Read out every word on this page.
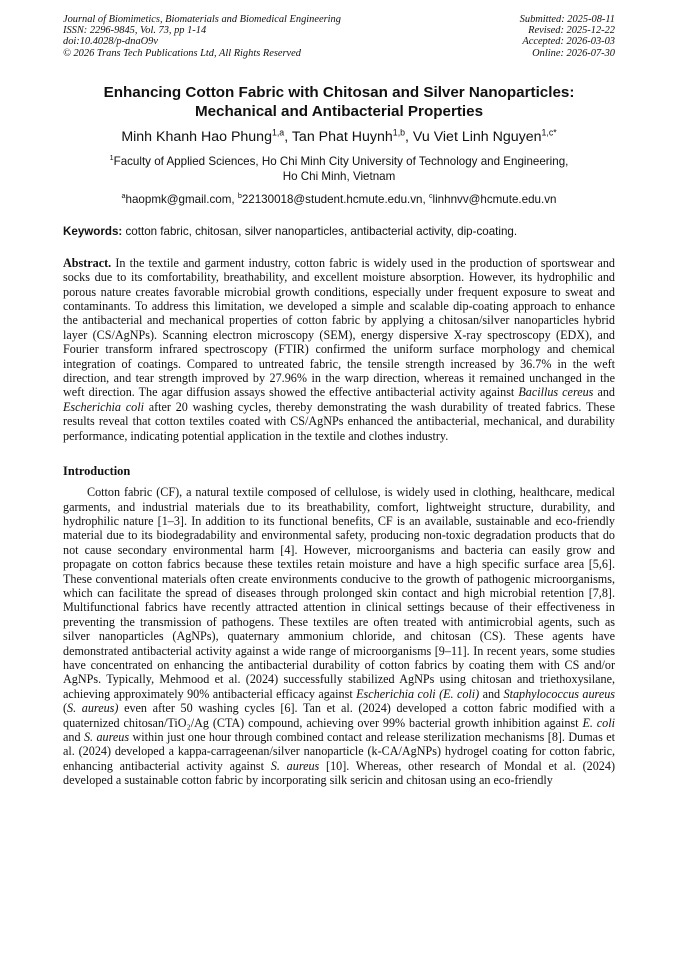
Journal of Biomimetics, Biomaterials and Biomedical Engineering
ISSN: 2296-9845, Vol. 73, pp 1-14
doi:10.4028/p-dnaO9v
© 2026 Trans Tech Publications Ltd, All Rights Reserved
Submitted: 2025-08-11
Revised: 2025-12-22
Accepted: 2026-03-03
Online: 2026-07-30
Enhancing Cotton Fabric with Chitosan and Silver Nanoparticles:
Mechanical and Antibacterial Properties
Minh Khanh Hao Phung$^{1,a}$, Tan Phat Huynh$^{1,b}$, Vu Viet Linh Nguyen$^{1,c*}$
$^1$Faculty of Applied Sciences, Ho Chi Minh City University of Technology and Engineering,
Ho Chi Minh, Vietnam
$^a$haopmk@gmail.com, $^b$22130018@student.hcmute.edu.vn, $^c$linhnvv@hcmute.edu.vn
Keywords: cotton fabric, chitosan, silver nanoparticles, antibacterial activity, dip-coating.
Abstract. In the textile and garment industry, cotton fabric is widely used in the production of sportswear and socks due to its comfortability, breathability, and excellent moisture absorption. However, its hydrophilic and porous nature creates favorable microbial growth conditions, especially under frequent exposure to sweat and contaminants. To address this limitation, we developed a simple and scalable dip-coating approach to enhance the antibacterial and mechanical properties of cotton fabric by applying a chitosan/silver nanoparticles hybrid layer (CS/AgNPs). Scanning electron microscopy (SEM), energy dispersive X-ray spectroscopy (EDX), and Fourier transform infrared spectroscopy (FTIR) confirmed the uniform surface morphology and chemical integration of coatings. Compared to untreated fabric, the tensile strength increased by 36.7% in the weft direction, and tear strength improved by 27.96% in the warp direction, whereas it remained unchanged in the weft direction. The agar diffusion assays showed the effective antibacterial activity against Bacillus cereus and Escherichia coli after 20 washing cycles, thereby demonstrating the wash durability of treated fabrics. These results reveal that cotton textiles coated with CS/AgNPs enhanced the antibacterial, mechanical, and durability performance, indicating potential application in the textile and clothes industry.
Introduction
Cotton fabric (CF), a natural textile composed of cellulose, is widely used in clothing, healthcare, medical garments, and industrial materials due to its breathability, comfort, lightweight structure, durability, and hydrophilic nature [1–3]. In addition to its functional benefits, CF is an available, sustainable and eco-friendly material due to its biodegradability and environmental safety, producing non-toxic degradation products that do not cause secondary environmental harm [4]. However, microorganisms and bacteria can easily grow and propagate on cotton fabrics because these textiles retain moisture and have a high specific surface area [5,6]. These conventional materials often create environments conducive to the growth of pathogenic microorganisms, which can facilitate the spread of diseases through prolonged skin contact and high microbial retention [7,8]. Multifunctional fabrics have recently attracted attention in clinical settings because of their effectiveness in preventing the transmission of pathogens. These textiles are often treated with antimicrobial agents, such as silver nanoparticles (AgNPs), quaternary ammonium chloride, and chitosan (CS). These agents have demonstrated antibacterial activity against a wide range of microorganisms [9–11]. In recent years, some studies have concentrated on enhancing the antibacterial durability of cotton fabrics by coating them with CS and/or AgNPs. Typically, Mehmood et al. (2024) successfully stabilized AgNPs using chitosan and triethoxysilane, achieving approximately 90% antibacterial efficacy against Escherichia coli (E. coli) and Staphylococcus aureus (S. aureus) even after 50 washing cycles [6]. Tan et al. (2024) developed a cotton fabric modified with a quaternized chitosan/TiO₂/Ag (CTA) compound, achieving over 99% bacterial growth inhibition against E. coli and S. aureus within just one hour through combined contact and release sterilization mechanisms [8]. Dumas et al. (2024) developed a kappa-carrageenan/silver nanoparticle (k-CA/AgNPs) hydrogel coating for cotton fabric, enhancing antibacterial activity against S. aureus [10]. Whereas, other research of Mondal et al. (2024) developed a sustainable cotton fabric by incorporating silk sericin and chitosan using an eco-friendly
